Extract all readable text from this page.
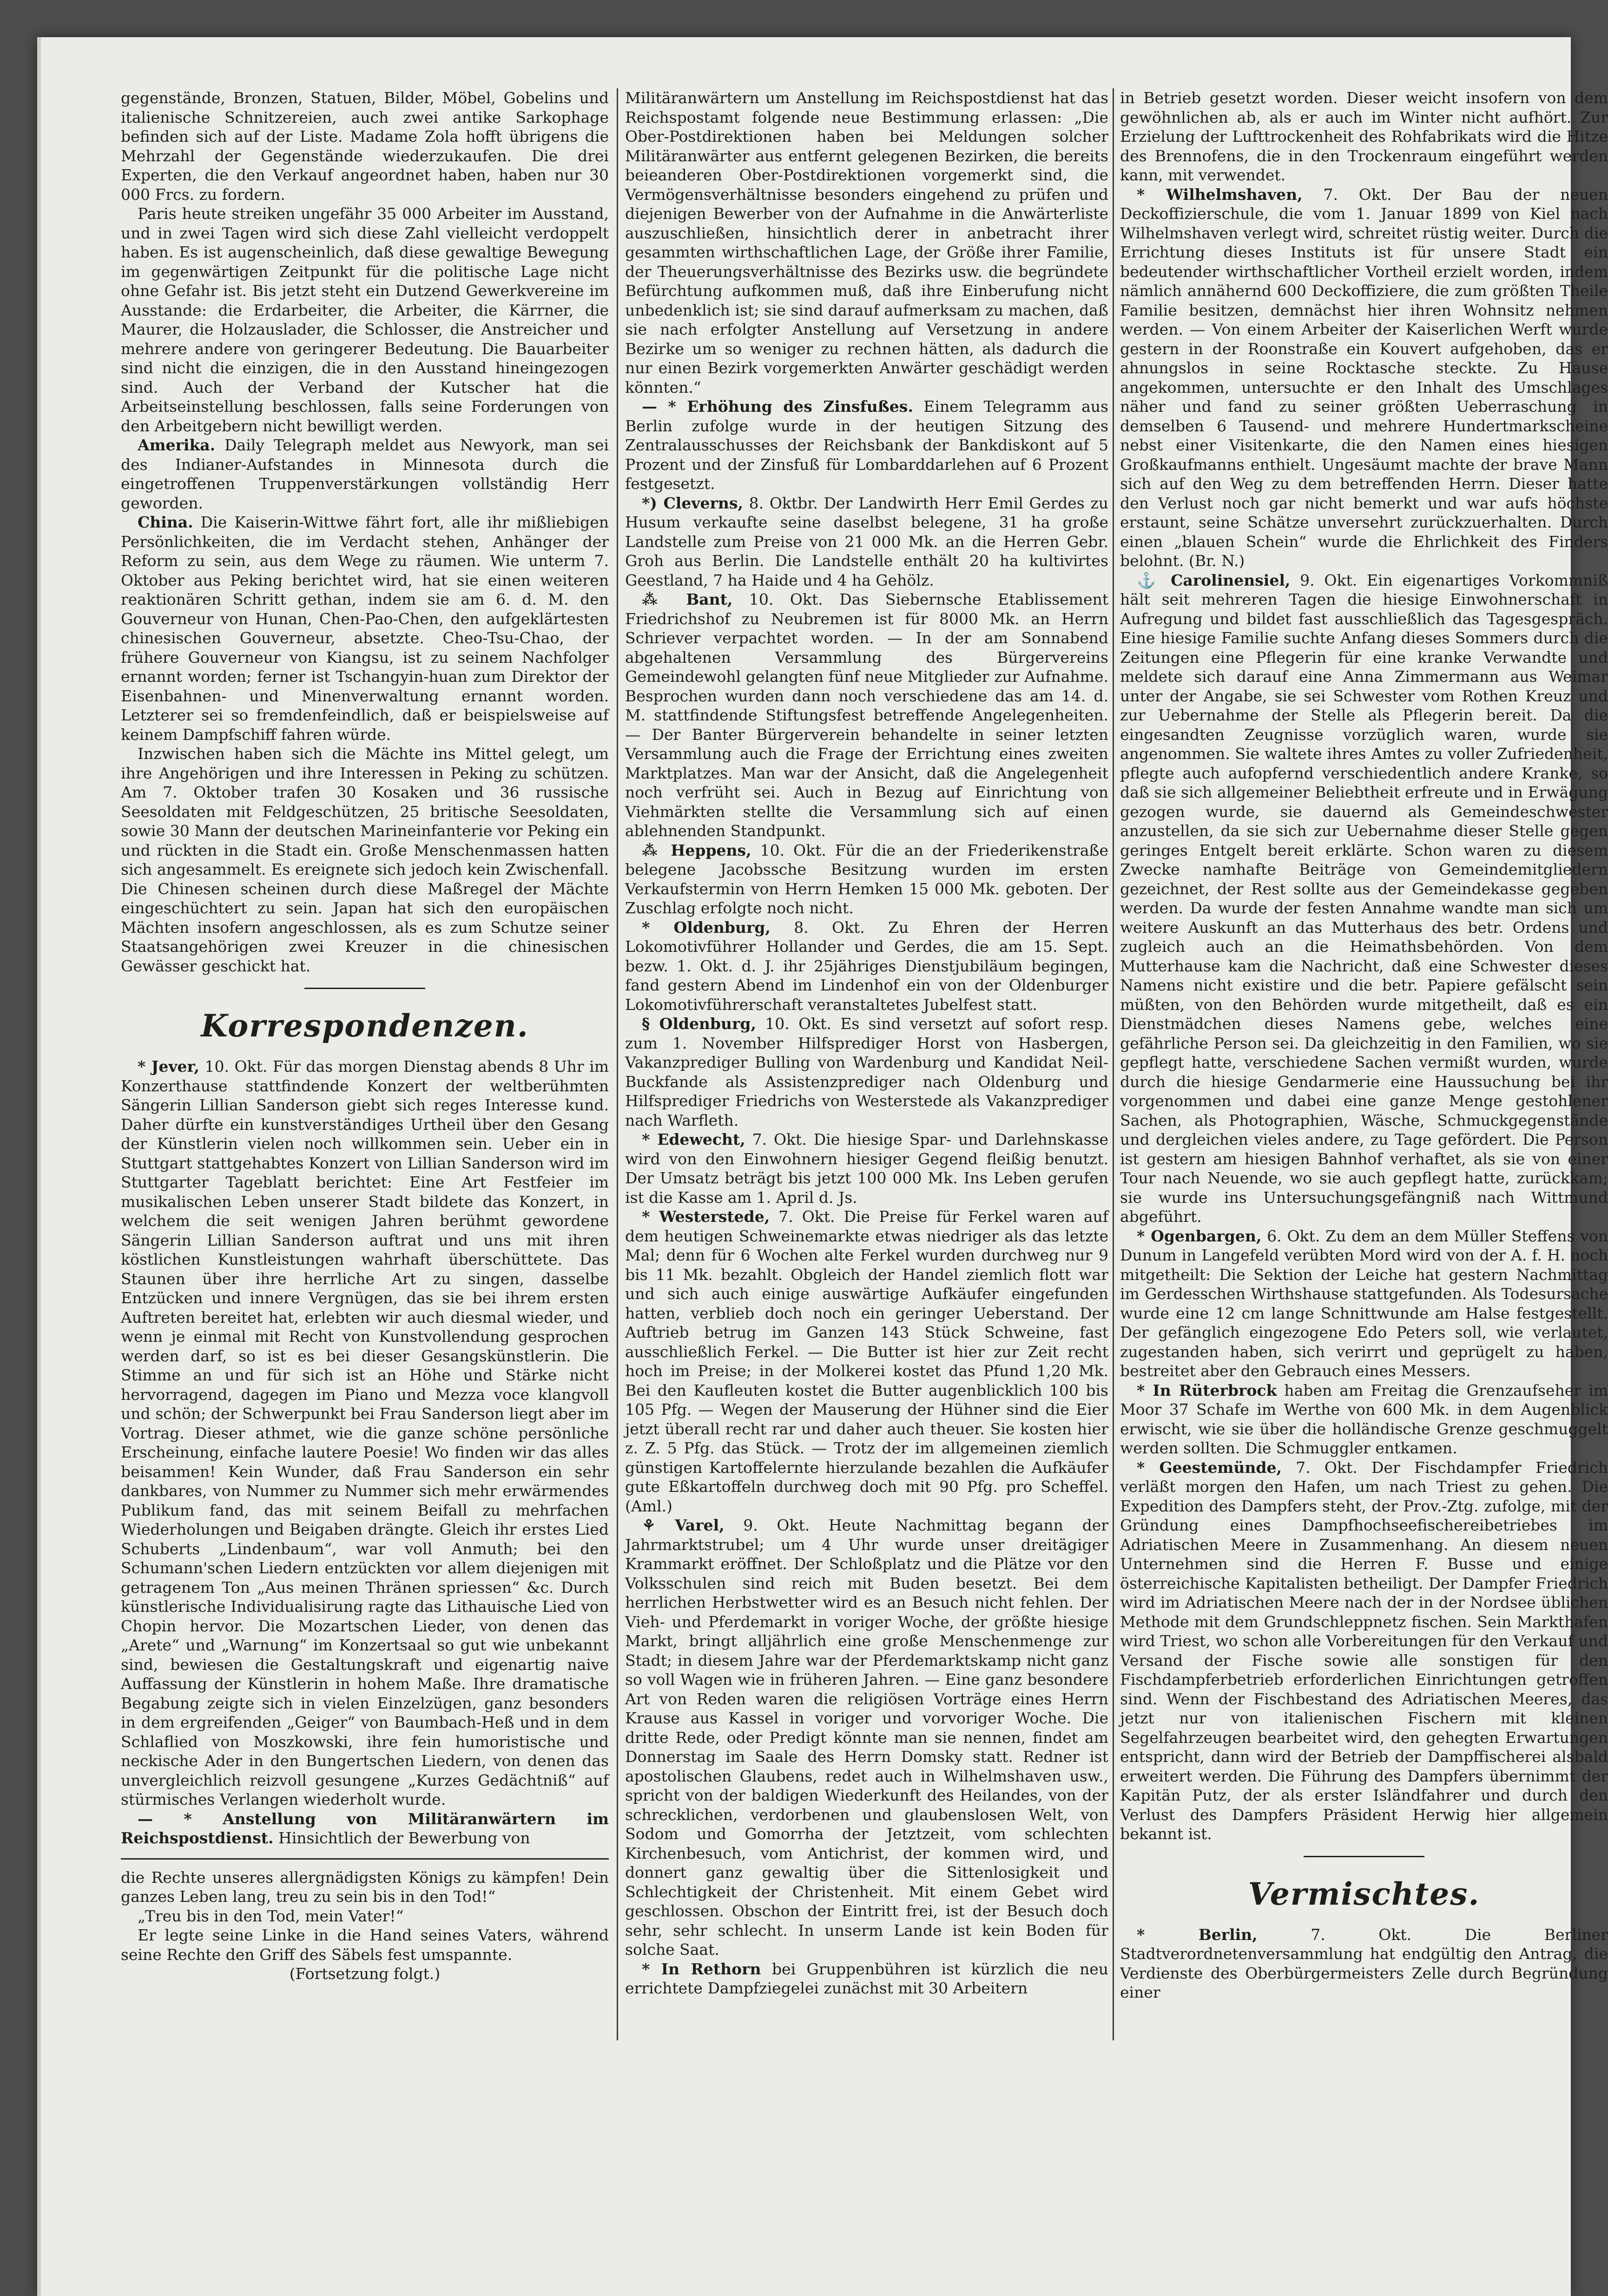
gegenstände, Bronzen, Statuen, Bilder, Möbel, Gobelins und italienische Schnitzereien, auch zwei antike Sarkophage befinden sich auf der Liste. Madame Zola hofft übrigens die Mehrzahl der Gegenstände wiederzukaufen. Die drei Experten, die den Verkauf angeordnet haben, haben nur 30 000 Frcs. zu fordern.

Paris heute streiken ungefähr 35 000 Arbeiter im Ausstand, und in zwei Tagen wird sich diese Zahl vielleicht verdoppelt haben. Es ist augenscheinlich, daß diese gewaltige Bewegung im gegenwärtigen Zeitpunkt für die politische Lage nicht ohne Gefahr ist. Bis jetzt steht ein Dutzend Gewerkvereine im Ausstande: die Erdarbeiter, die Arbeiter, die Kärrner, die Maurer, die Holzauslader, die Schlosser, die Anstreicher und mehrere andere von geringerer Bedeutung. Die Bauarbeiter sind nicht die einzigen, die in den Ausstand hineingezogen sind. Auch der Verband der Kutscher hat die Arbeitseinstellung beschlossen, falls seine Forderungen von den Arbeitgebern nicht bewilligt werden.

Amerika. Daily Telegraph meldet aus Newyork, man sei des Indianer-Aufstandes in Minnesota durch die eingetroffenen Truppenverstärkungen vollständig Herr geworden.

China. Die Kaiserin-Wittwe fährt fort, alle ihr mißliebigen Persönlichkeiten, die im Verdacht stehen, Anhänger der Reform zu sein, aus dem Wege zu räumen. Wie unterm 7. Oktober aus Peking berichtet wird, hat sie einen weiteren reaktionären Schritt gethan, indem sie am 6. d. M. den Gouverneur von Hunan, Chen-Pao-Chen, den aufgeklärtesten chinesischen Gouverneur, absetzte. Cheo-Tsu-Chao, der frühere Gouverneur von Kiangsu, ist zu seinem Nachfolger ernannt worden; ferner ist Tschangyin-huan zum Direktor der Eisenbahnen- und Minenverwaltung ernannt worden. Letzterer sei so fremdenfeindlich, daß er beispielsweise auf keinem Dampfschiff fahren würde.

Inzwischen haben sich die Mächte ins Mittel gelegt, um ihre Angehörigen und ihre Interessen in Peking zu schützen. Am 7. Oktober trafen 30 Kosaken und 36 russische Seesoldaten mit Feldgeschützen, 25 britische Seesoldaten, sowie 30 Mann der deutschen Marineinfanterie vor Peking ein und rückten in die Stadt ein. Große Menschenmassen hatten sich angesammelt. Es ereignete sich jedoch kein Zwischenfall. Die Chinesen scheinen durch diese Maßregel der Mächte eingeschüchtert zu sein. Japan hat sich den europäischen Mächten insofern angeschlossen, als es zum Schutze seiner Staatsangehörigen zwei Kreuzer in die chinesischen Gewässer geschickt hat.

Korrespondenzen.

* Jever, 10. Okt. Für das morgen Dienstag abends 8 Uhr im Konzerthause stattfindende Konzert der weltberühmten Sängerin Lillian Sanderson giebt sich reges Interesse kund. Daher dürfte ein kunstverständiges Urtheil über den Gesang der Künstlerin vielen noch willkommen sein. Ueber ein in Stuttgart stattgehabtes Konzert von Lillian Sanderson wird im Stuttgarter Tageblatt berichtet: Eine Art Festfeier im musikalischen Leben unserer Stadt bildete das Konzert, in welchem die seit wenigen Jahren berühmt gewordene Sängerin Lillian Sanderson auftrat und uns mit ihren köstlichen Kunstleistungen wahrhaft überschüttete. Das Staunen über ihre herrliche Art zu singen, dasselbe Entzücken und innere Vergnügen, das sie bei ihrem ersten Auftreten bereitet hat, erlebten wir auch diesmal wieder, und wenn je einmal mit Recht von Kunstvollendung gesprochen werden darf, so ist es bei dieser Gesangskünstlerin. Die Stimme an und für sich ist an Höhe und Stärke nicht hervorragend, dagegen im Piano und Mezza voce klangvoll und schön; der Schwerpunkt bei Frau Sanderson liegt aber im Vortrag. Dieser athmet, wie die ganze schöne persönliche Erscheinung, einfache lautere Poesie! Wo finden wir das alles beisammen! Kein Wunder, daß Frau Sanderson ein sehr dankbares, von Nummer zu Nummer sich mehr erwärmendes Publikum fand, das mit seinem Beifall zu mehrfachen Wiederholungen und Beigaben drängte. Gleich ihr erstes Lied Schuberts „Lindenbaum“, war voll Anmuth; bei den Schumann'schen Liedern entzückten vor allem diejenigen mit getragenem Ton „Aus meinen Thränen spriessen“ &c. Durch künstlerische Individualisirung ragte das Lithauische Lied von Chopin hervor. Die Mozartschen Lieder, von denen das „Arete“ und „Warnung“ im Konzertsaal so gut wie unbekannt sind, bewiesen die Gestaltungskraft und eigenartig naive Auffassung der Künstlerin in hohem Maße. Ihre dramatische Begabung zeigte sich in vielen Einzelzügen, ganz besonders in dem ergreifenden „Geiger“ von Baumbach-Heß und in dem Schlaflied von Moszkowski, ihre fein humoristische und neckische Ader in den Bungertschen Liedern, von denen das unvergleichlich reizvoll gesungene „Kurzes Gedächtniß“ auf stürmisches Verlangen wiederholt wurde.

— * Anstellung von Militäranwärtern im Reichspostdienst. Hinsichtlich der Bewerbung von

die Rechte unseres allergnädigsten Königs zu kämpfen! Dein ganzes Leben lang, treu zu sein bis in den Tod!“

„Treu bis in den Tod, mein Vater!“

Er legte seine Linke in die Hand seines Vaters, während seine Rechte den Griff des Säbels fest umspannte.

(Fortsetzung folgt.)

Militäranwärtern um Anstellung im Reichspostdienst hat das Reichspostamt folgende neue Bestimmung erlassen: „Die Ober-Postdirektionen haben bei Meldungen solcher Militäranwärter aus entfernt gelegenen Bezirken, die bereits beieanderen Ober-Postdirektionen vorgemerkt sind, die Vermögensverhältnisse besonders eingehend zu prüfen und diejenigen Bewerber von der Aufnahme in die Anwärterliste auszuschließen, hinsichtlich derer in anbetracht ihrer gesammten wirthschaftlichen Lage, der Größe ihrer Familie, der Theuerungsverhältnisse des Bezirks usw. die begründete Befürchtung aufkommen muß, daß ihre Einberufung nicht unbedenklich ist; sie sind darauf aufmerksam zu machen, daß sie nach erfolgter Anstellung auf Versetzung in andere Bezirke um so weniger zu rechnen hätten, als dadurch die nur einen Bezirk vorgemerkten Anwärter geschädigt werden könnten.“

— * Erhöhung des Zinsfußes. Einem Telegramm aus Berlin zufolge wurde in der heutigen Sitzung des Zentralausschusses der Reichsbank der Bankdiskont auf 5 Prozent und der Zinsfuß für Lombarddarlehen auf 6 Prozent festgesetzt.

*) Cleverns, 8. Oktbr. Der Landwirth Herr Emil Gerdes zu Husum verkaufte seine daselbst belegene, 31 ha große Landstelle zum Preise von 21 000 Mk. an die Herren Gebr. Groh aus Berlin. Die Landstelle enthält 20 ha kultivirtes Geestland, 7 ha Haide und 4 ha Gehölz.

⁂ Bant, 10. Okt. Das Siebernsche Etablissement Friedrichshof zu Neubremen ist für 8000 Mk. an Herrn Schriever verpachtet worden. — In der am Sonnabend abgehaltenen Versammlung des Bürgervereins Gemeindewohl gelangten fünf neue Mitglieder zur Aufnahme. Besprochen wurden dann noch verschiedene das am 14. d. M. stattfindende Stiftungsfest betreffende Angelegenheiten. — Der Banter Bürgerverein behandelte in seiner letzten Versammlung auch die Frage der Errichtung eines zweiten Marktplatzes. Man war der Ansicht, daß die Angelegenheit noch verfrüht sei. Auch in Bezug auf Einrichtung von Viehmärkten stellte die Versammlung sich auf einen ablehnenden Standpunkt.

⁂ Heppens, 10. Okt. Für die an der Friederikenstraße belegene Jacobssche Besitzung wurden im ersten Verkaufstermin von Herrn Hemken 15 000 Mk. geboten. Der Zuschlag erfolgte noch nicht.

* Oldenburg, 8. Okt. Zu Ehren der Herren Lokomotivführer Hollander und Gerdes, die am 15. Sept. bezw. 1. Okt. d. J. ihr 25jähriges Dienstjubiläum begingen, fand gestern Abend im Lindenhof ein von der Oldenburger Lokomotivführerschaft veranstaltetes Jubelfest statt.

§ Oldenburg, 10. Okt. Es sind versetzt auf sofort resp. zum 1. November Hilfsprediger Horst von Hasbergen, Vakanzprediger Bulling von Wardenburg und Kandidat Neil-Buckfande als Assistenzprediger nach Oldenburg und Hilfsprediger Friedrichs von Westerstede als Vakanzprediger nach Warfleth.

* Edewecht, 7. Okt. Die hiesige Spar- und Darlehnskasse wird von den Einwohnern hiesiger Gegend fleißig benutzt. Der Umsatz beträgt bis jetzt 100 000 Mk. Ins Leben gerufen ist die Kasse am 1. April d. Js.

* Westerstede, 7. Okt. Die Preise für Ferkel waren auf dem heutigen Schweinemarkte etwas niedriger als das letzte Mal; denn für 6 Wochen alte Ferkel wurden durchweg nur 9 bis 11 Mk. bezahlt. Obgleich der Handel ziemlich flott war und sich auch einige auswärtige Aufkäufer eingefunden hatten, verblieb doch noch ein geringer Ueberstand. Der Auftrieb betrug im Ganzen 143 Stück Schweine, fast ausschließlich Ferkel. — Die Butter ist hier zur Zeit recht hoch im Preise; in der Molkerei kostet das Pfund 1,20 Mk. Bei den Kaufleuten kostet die Butter augenblicklich 100 bis 105 Pfg. — Wegen der Mauserung der Hühner sind die Eier jetzt überall recht rar und daher auch theuer. Sie kosten hier z. Z. 5 Pfg. das Stück. — Trotz der im allgemeinen ziemlich günstigen Kartoffelernte hierzulande bezahlen die Aufkäufer gute Eßkartoffeln durchweg doch mit 90 Pfg. pro Scheffel. (Aml.)

⚘ Varel, 9. Okt. Heute Nachmittag begann der Jahrmarktstrubel; um 4 Uhr wurde unser dreitägiger Krammarkt eröffnet. Der Schloßplatz und die Plätze vor den Volksschulen sind reich mit Buden besetzt. Bei dem herrlichen Herbstwetter wird es an Besuch nicht fehlen. Der Vieh- und Pferdemarkt in voriger Woche, der größte hiesige Markt, bringt alljährlich eine große Menschenmenge zur Stadt; in diesem Jahre war der Pferdemarktskamp nicht ganz so voll Wagen wie in früheren Jahren. — Eine ganz besondere Art von Reden waren die religiösen Vorträge eines Herrn Krause aus Kassel in voriger und vorvoriger Woche. Die dritte Rede, oder Predigt könnte man sie nennen, findet am Donnerstag im Saale des Herrn Domsky statt. Redner ist apostolischen Glaubens, redet auch in Wilhelmshaven usw., spricht von der baldigen Wiederkunft des Heilandes, von der schrecklichen, verdorbenen und glaubenslosen Welt, von Sodom und Gomorrha der Jetztzeit, vom schlechten Kirchenbesuch, vom Antichrist, der kommen wird, und donnert ganz gewaltig über die Sittenlosigkeit und Schlechtigkeit der Christenheit. Mit einem Gebet wird geschlossen. Obschon der Eintritt frei, ist der Besuch doch sehr, sehr schlecht. In unserm Lande ist kein Boden für solche Saat.

* In Rethorn bei Gruppenbühren ist kürzlich die neu errichtete Dampfziegelei zunächst mit 30 Arbeitern

in Betrieb gesetzt worden. Dieser weicht insofern von dem gewöhnlichen ab, als er auch im Winter nicht aufhört. Zur Erzielung der Lufttrockenheit des Rohfabrikats wird die Hitze des Brennofens, die in den Trockenraum eingeführt werden kann, mit verwendet.

* Wilhelmshaven, 7. Okt. Der Bau der neuen Deckoffizierschule, die vom 1. Januar 1899 von Kiel nach Wilhelmshaven verlegt wird, schreitet rüstig weiter. Durch die Errichtung dieses Instituts ist für unsere Stadt ein bedeutender wirthschaftlicher Vortheil erzielt worden, indem nämlich annähernd 600 Deckoffiziere, die zum größten Theile Familie besitzen, demnächst hier ihren Wohnsitz nehmen werden. — Von einem Arbeiter der Kaiserlichen Werft wurde gestern in der Roonstraße ein Kouvert aufgehoben, das er ahnungslos in seine Rocktasche steckte. Zu Hause angekommen, untersuchte er den Inhalt des Umschlages näher und fand zu seiner größten Ueberraschung in demselben 6 Tausend- und mehrere Hundertmarkscheine nebst einer Visitenkarte, die den Namen eines hiesigen Großkaufmanns enthielt. Ungesäumt machte der brave Mann sich auf den Weg zu dem betreffenden Herrn. Dieser hatte den Verlust noch gar nicht bemerkt und war aufs höchste erstaunt, seine Schätze unversehrt zurückzuerhalten. Durch einen „blauen Schein“ wurde die Ehrlichkeit des Finders belohnt. (Br. N.)

⚓ Carolinensiel, 9. Okt. Ein eigenartiges Vorkommniß hält seit mehreren Tagen die hiesige Einwohnerschaft in Aufregung und bildet fast ausschließlich das Tagesgespräch. Eine hiesige Familie suchte Anfang dieses Sommers durch die Zeitungen eine Pflegerin für eine kranke Verwandte und meldete sich darauf eine Anna Zimmermann aus Weimar unter der Angabe, sie sei Schwester vom Rothen Kreuz und zur Uebernahme der Stelle als Pflegerin bereit. Da die eingesandten Zeugnisse vorzüglich waren, wurde sie angenommen. Sie waltete ihres Amtes zu voller Zufriedenheit, pflegte auch aufopfernd verschiedentlich andere Kranke, so daß sie sich allgemeiner Beliebtheit erfreute und in Erwägung gezogen wurde, sie dauernd als Gemeindeschwester anzustellen, da sie sich zur Uebernahme dieser Stelle gegen geringes Entgelt bereit erklärte. Schon waren zu diesem Zwecke namhafte Beiträge von Gemeindemitgliedern gezeichnet, der Rest sollte aus der Gemeindekasse gegeben werden. Da wurde der festen Annahme wandte man sich um weitere Auskunft an das Mutterhaus des betr. Ordens und zugleich auch an die Heimathsbehörden. Von dem Mutterhause kam die Nachricht, daß eine Schwester dieses Namens nicht existire und die betr. Papiere gefälscht sein müßten, von den Behörden wurde mitgetheilt, daß es ein Dienstmädchen dieses Namens gebe, welches eine gefährliche Person sei. Da gleichzeitig in den Familien, wo sie gepflegt hatte, verschiedene Sachen vermißt wurden, wurde durch die hiesige Gendarmerie eine Haussuchung bei ihr vorgenommen und dabei eine ganze Menge gestohlener Sachen, als Photographien, Wäsche, Schmuckgegenstände und dergleichen vieles andere, zu Tage gefördert. Die Person ist gestern am hiesigen Bahnhof verhaftet, als sie von einer Tour nach Neuende, wo sie auch gepflegt hatte, zurückkam; sie wurde ins Untersuchungsgefängniß nach Wittmund abgeführt.

* Ogenbargen, 6. Okt. Zu dem an dem Müller Steffens von Dunum in Langefeld verübten Mord wird von der A. f. H. noch mitgetheilt: Die Sektion der Leiche hat gestern Nachmittag im Gerdesschen Wirthshause stattgefunden. Als Todesursache wurde eine 12 cm lange Schnittwunde am Halse festgestellt. Der gefänglich eingezogene Edo Peters soll, wie verlautet, zugestanden haben, sich verirrt und geprügelt zu haben, bestreitet aber den Gebrauch eines Messers.

* In Rüterbrock haben am Freitag die Grenzaufseher im Moor 37 Schafe im Werthe von 600 Mk. in dem Augenblick erwischt, wie sie über die holländische Grenze geschmuggelt werden sollten. Die Schmuggler entkamen.

* Geestemünde, 7. Okt. Der Fischdampfer Friedrich verläßt morgen den Hafen, um nach Triest zu gehen. Die Expedition des Dampfers steht, der Prov.-Ztg. zufolge, mit der Gründung eines Dampfhochseefischereibetriebes im Adriatischen Meere in Zusammenhang. An diesem neuen Unternehmen sind die Herren F. Busse und einige österreichische Kapitalisten betheiligt. Der Dampfer Friedrich wird im Adriatischen Meere nach der in der Nordsee üblichen Methode mit dem Grundschleppnetz fischen. Sein Markthafen wird Triest, wo schon alle Vorbereitungen für den Verkauf und Versand der Fische sowie alle sonstigen für den Fischdampferbetrieb erforderlichen Einrichtungen getroffen sind. Wenn der Fischbestand des Adriatischen Meeres, das jetzt nur von italienischen Fischern mit kleinen Segelfahrzeugen bearbeitet wird, den gehegten Erwartungen entspricht, dann wird der Betrieb der Dampffischerei alsbald erweitert werden. Die Führung des Dampfers übernimmt der Kapitän Putz, der als erster Isländfahrer und durch den Verlust des Dampfers Präsident Herwig hier allgemein bekannt ist.

Vermischtes.

* Berlin,	7. Okt. Die Berliner Stadtverordnetenversammlung hat endgültig den Antrag, die Verdienste des Oberbürgermeisters Zelle durch Begründung einer
